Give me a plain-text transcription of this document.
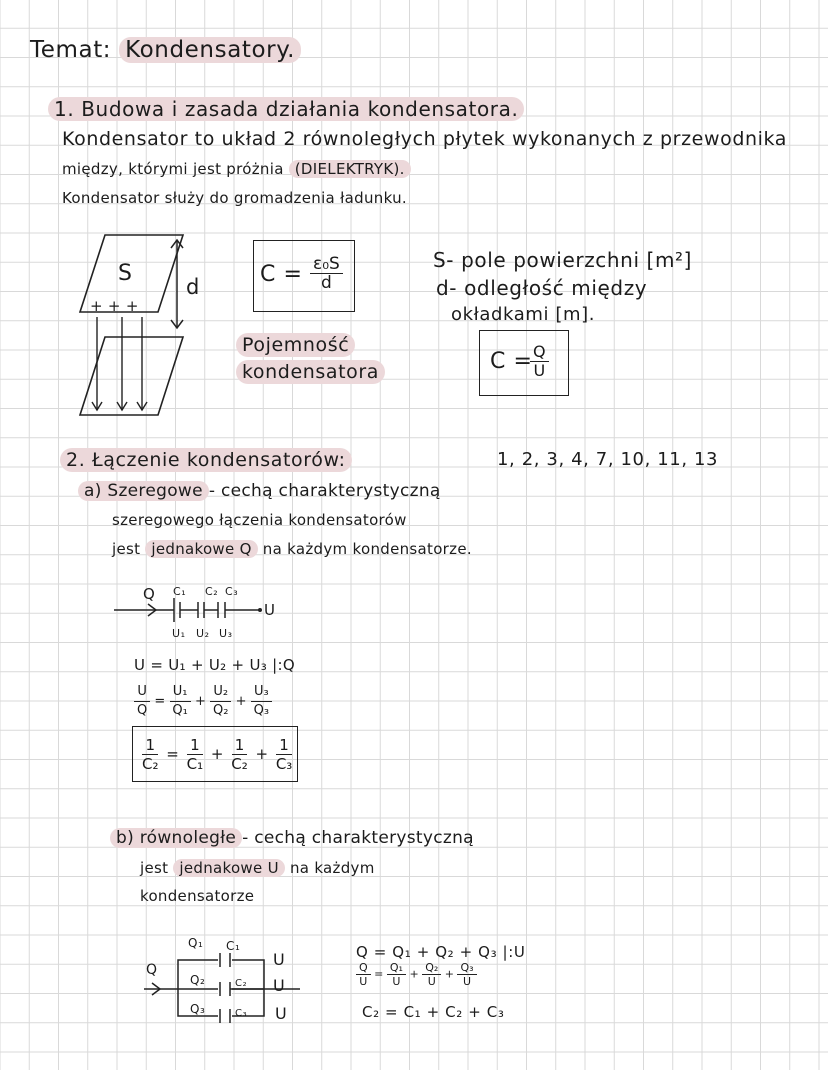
Temat: Kondensatory.
1. Budowa i zasada działania kondensatora.
Kondensator to układ 2 równoległych płytek wykonanych z przewodnika
między, którymi jest próżnia (DIELEKTRYK).
Kondensator służy do gromadzenia ładunku.
S
+ + +
d	$C = \frac{\text{ε₀S}}{d}$
Pojemność
kondensatora
S- pole powierzchni [m²]
d- odległość między
okładkami [m].
C =
$\frac{Q}{U}$
1, 2, 3, 4, 7, 10, 11, 13
2. Łączenie kondensatorów:
a) Szeregowe - cechą charakterystyczną
szeregowego łączenia kondensatorów
jest jednakowe Q na każdym kondensatorze.
Q C₁ C₂ C₃
U
U₁ U₂ U₃
U = U₁ + U₂ + U₃ |:Q
$\frac{U}{Q} = \frac{\text{U₁}}{\text{Q₁}} + \frac{\text{U₂}}{\text{Q₂}} + \frac{\text{U₃}}{\text{Q₃}}$
$\frac{1}{\text{C₂}} = \frac{1}{\text{C₁}} + \frac{1}{\text{C₂}} + \frac{1}{\text{C₃}}$
b) równoległe - cechą charakterystyczną
jest jednakowe U na każdym
kondensatorze
Q
Q₁
Q₂
Q₃
C₁
C₂
C₃
U
U
U
Q = Q₁ + Q₂ + Q₃ |:U
$\frac{Q}{U} = \frac{\text{Q₁}}{U} + \frac{\text{Q₂}}{U} + \frac{\text{Q₃}}{U}$
C₂ = C₁ + C₂ + C₃
